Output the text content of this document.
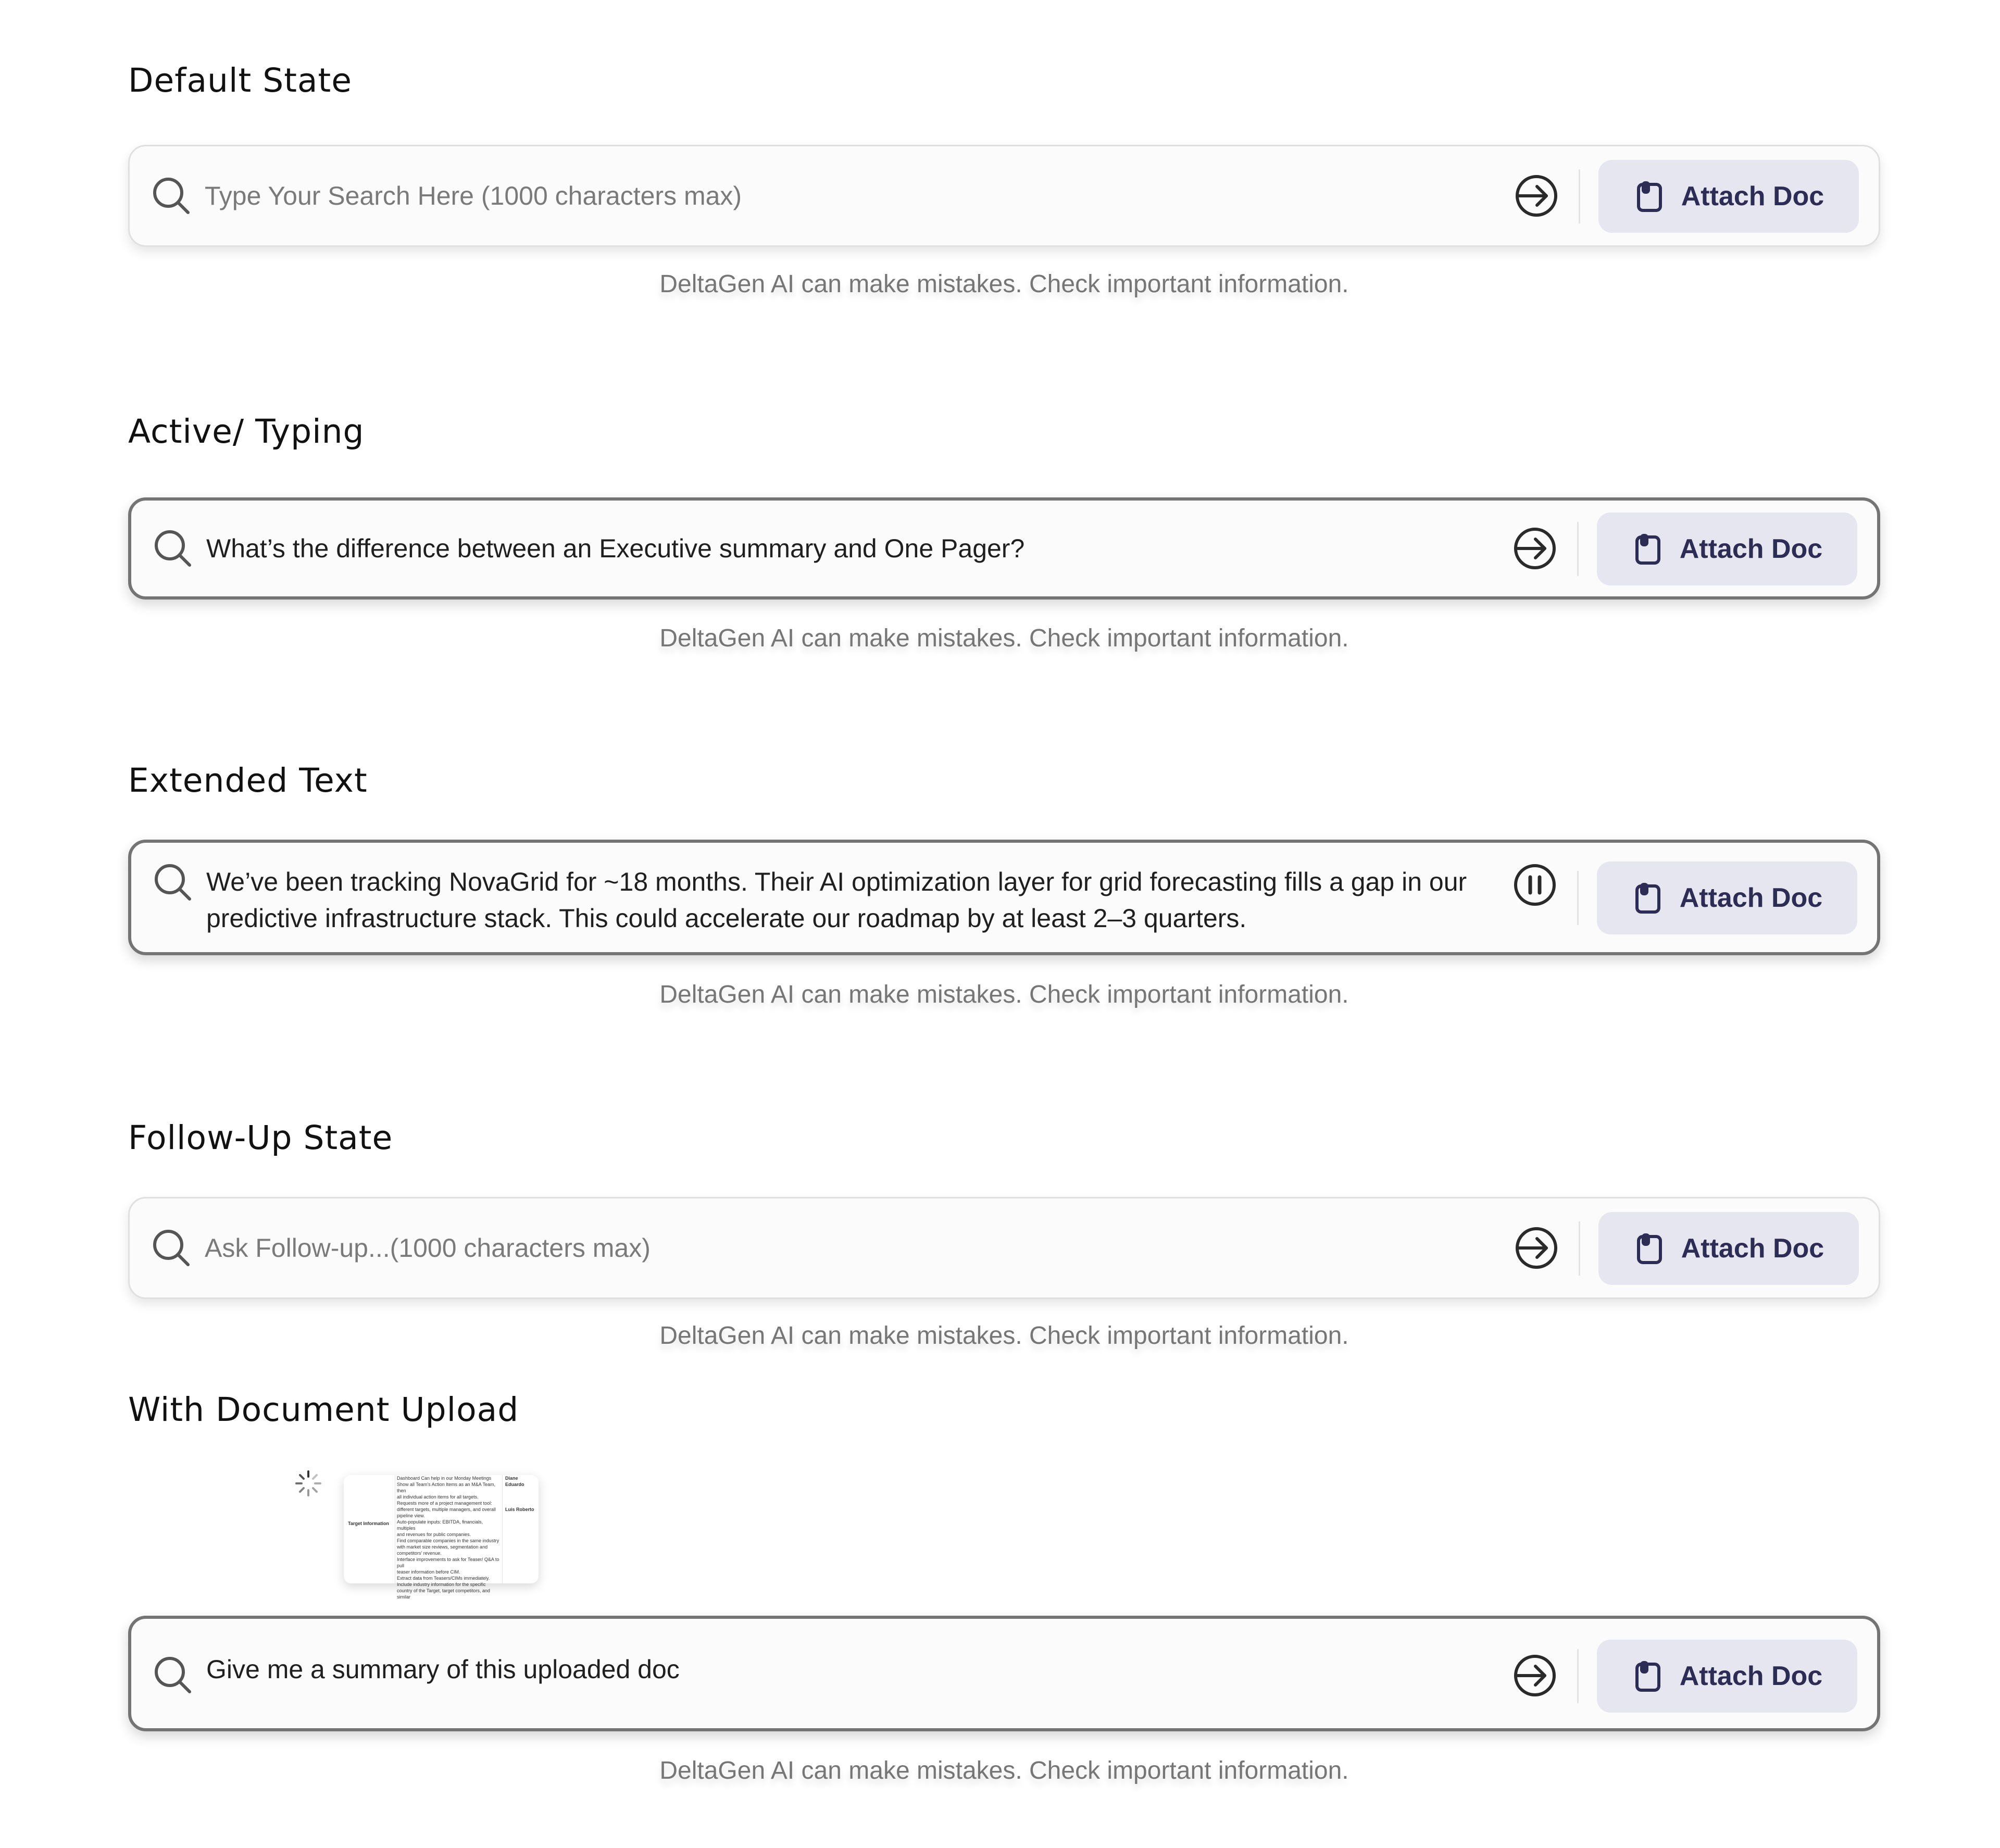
Default State
Type Your Search Here (1000 characters max)	Attach Doc
DeltaGen AI can make mistakes. Check important information.
Active/ Typing
What’s the difference between an Executive summary and One Pager?	Attach Doc
DeltaGen AI can make mistakes. Check important information.
Extended Text
We’ve been tracking NovaGrid for ~18 months. Their AI optimization layer for grid forecasting fills a gap in our predictive infrastructure stack. This could accelerate our roadmap by at least 2–3 quarters.
Attach Doc
DeltaGen AI can make mistakes. Check important information.
Follow-Up State
Ask Follow-up...(1000 characters max)	Attach Doc
DeltaGen AI can make mistakes. Check important information.
With Document Upload
Target Information
Dashboard Can help in our Monday Meetings
Show all Team's Action Items as an M&A Team, then
all individual action items for all targets.
Requests more of a project management tool:
different targets, multiple managers, and overall
pipeline view.
Auto-populate inputs: EBITDA, financials, multiples
and revenues for public companies.
Find comparable companies in the same industry
with market size reviews, segmentation and
competitors' revenue.
Interface improvements to ask for Teaser/ Q&A to pull
teaser information before CIM.
Extract data from Teasers/CIMs immediately.
Include industry information for the specific
country of the Target, target competitors, and similar
Diane
Eduardo
Luis Roberto
Give me a summary of this uploaded doc	Attach Doc
DeltaGen AI can make mistakes. Check important information.
